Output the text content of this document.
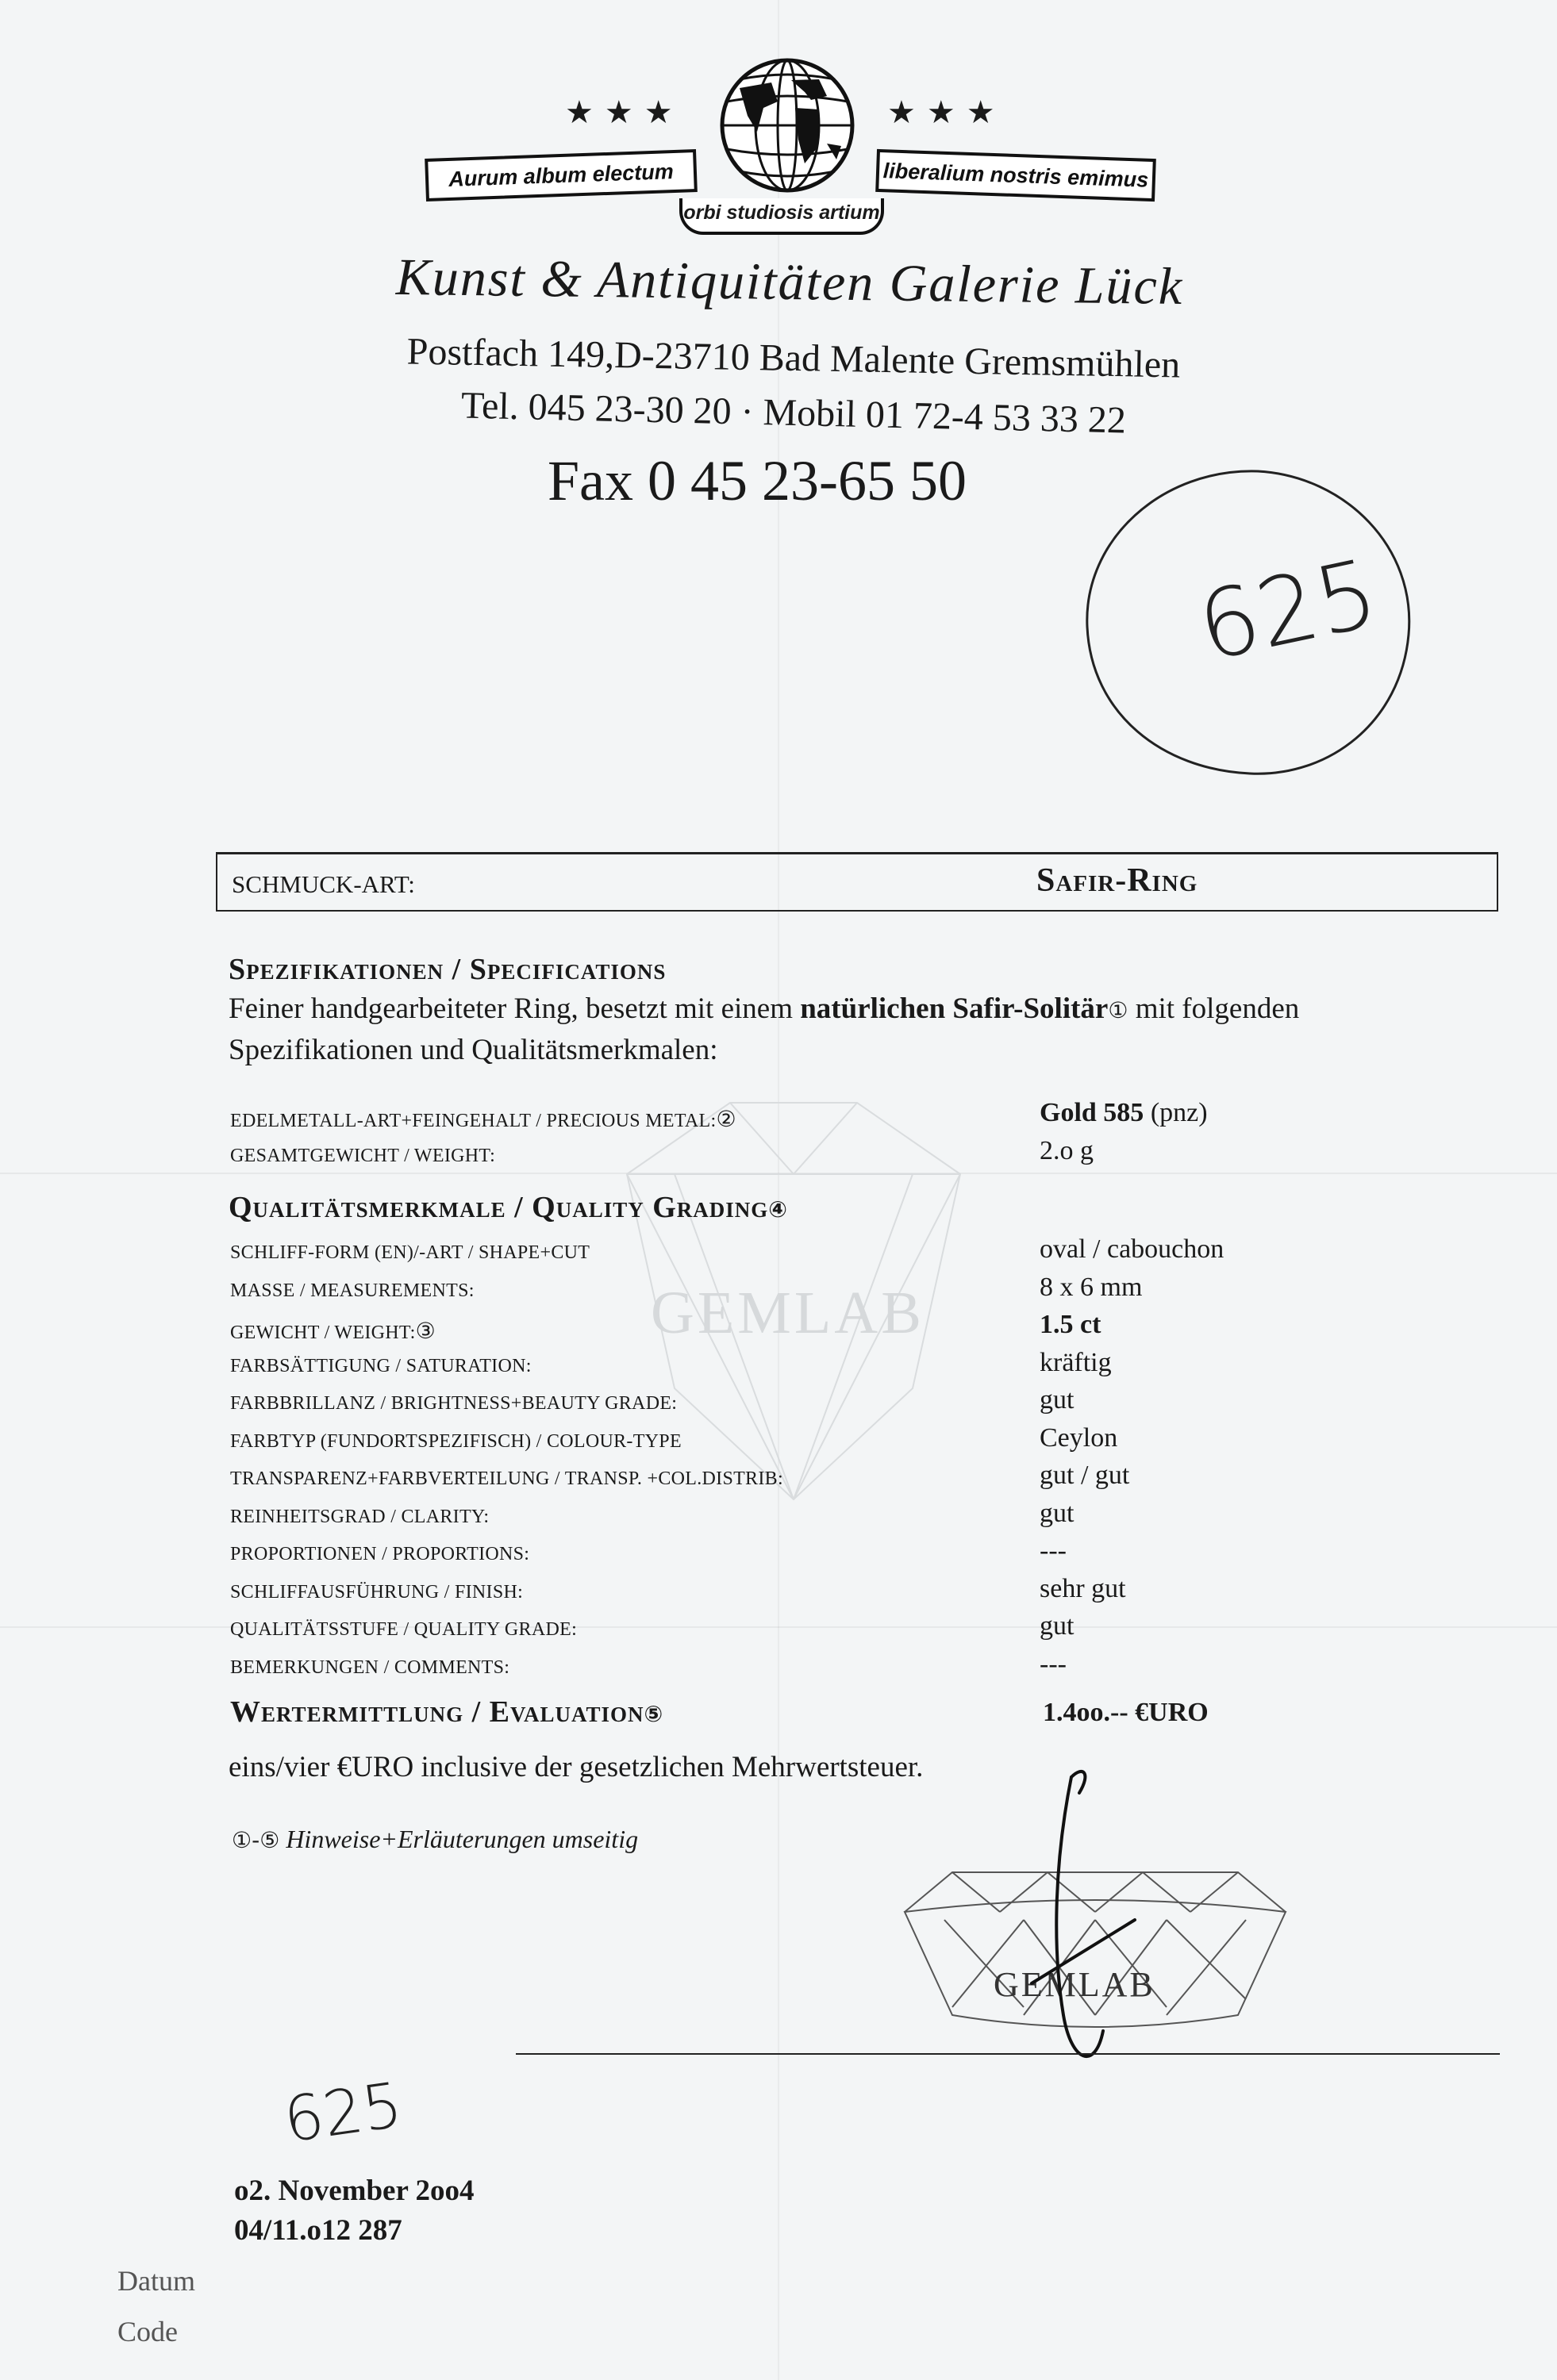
GEMLAB
★★★	★★★
Aurum album electum	liberalium nostris emimus
orbi studiosis artium
Kunst & Antiquitäten Galerie Lück
Postfach 149,D-23710 Bad Malente Gremsmühlen
Tel. 045 23-30 20 · Mobil 01 72-4 53 33 22
Fax 0 45 23-65 50
625
SCHMUCK-ART:	Safir-Ring
Spezifikationen / Specifications
Feiner handgearbeiteter Ring, besetzt mit einem natürlichen Safir-Solitär① mit folgenden
Spezifikationen und Qualitätsmerkmalen:
EDELMETALL-ART+FEINGEHALT / PRECIOUS METAL:②	Gold 585 (pnz)
GESAMTGEWICHT / WEIGHT:	2.o g
Qualitätsmerkmale / Quality Grading④
SCHLIFF-FORM (EN)/-ART / SHAPE+CUT	oval / cabouchon
MASSE / MEASUREMENTS:	8 x 6 mm
GEWICHT / WEIGHT:③	1.5 ct
FARBSÄTTIGUNG / SATURATION:	kräftig
FARBBRILLANZ / BRIGHTNESS+BEAUTY GRADE:	gut
FARBTYP (FUNDORTSPEZIFISCH) / COLOUR-TYPE	Ceylon
TRANSPARENZ+FARBVERTEILUNG / TRANSP. +COL.DISTRIB:	gut / gut
REINHEITSGRAD / CLARITY:	gut
PROPORTIONEN / PROPORTIONS:	---
SCHLIFFAUSFÜHRUNG / FINISH:	sehr gut
QUALITÄTSSTUFE / QUALITY GRADE:	gut
BEMERKUNGEN / COMMENTS:	---
Wertermittlung / Evaluation⑤	1.4oo.-- €URO
eins/vier €URO inclusive der gesetzlichen Mehrwertsteuer.
①-⑤ Hinweise+Erläuterungen umseitig
GEMLAB
625
o2. November 2oo4
04/11.o12 287
Datum
Code
